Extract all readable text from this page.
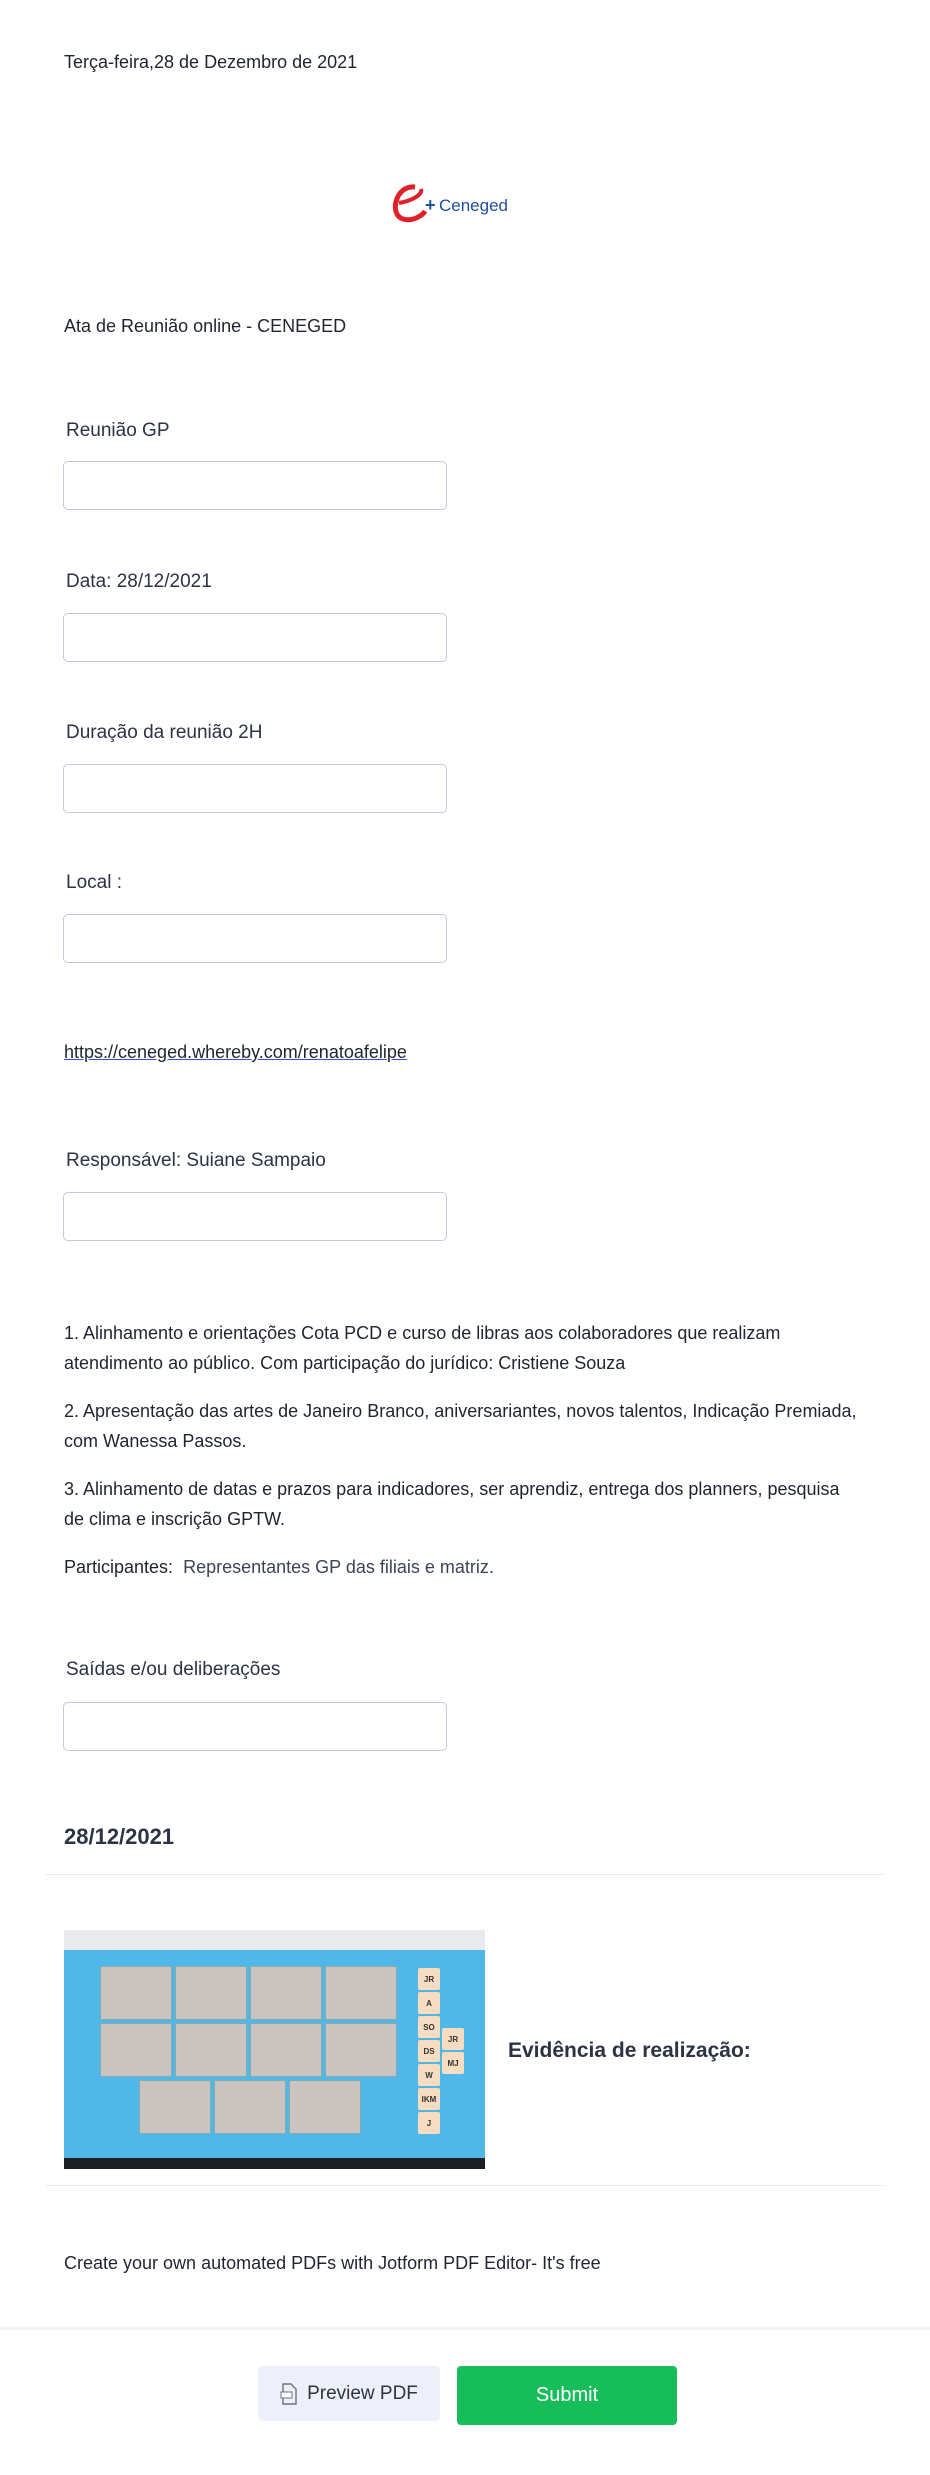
Terça-feira,28 de Dezembro de 2021
+ Ceneged
Ata de Reunião online - CENEGED
Reunião GP
Data: 28/12/2021
Duração da reunião 2H
Local :
https://ceneged.whereby.com/renatoafelipe
Responsável: Suiane Sampaio
1. Alinhamento e orientações Cota PCD e curso de libras aos colaboradores que realizam atendimento ao público. Com participação do jurídico: Cristiene Souza
2. Apresentação das artes de Janeiro Branco, aniversariantes, novos talentos, Indicação Premiada, com Wanessa Passos.
3. Alinhamento de datas e prazos para indicadores, ser aprendiz, entrega dos planners, pesquisa de clima e inscrição GPTW.
Participantes: Representantes GP das filiais e matriz.
Saídas e/ou deliberações
28/12/2021
JR
A
SO
DS
W
IKM
J
JR
MJ
Evidência de realização:
Create your own automated PDFs with Jotform PDF Editor- It's free
Preview PDF	Submit
